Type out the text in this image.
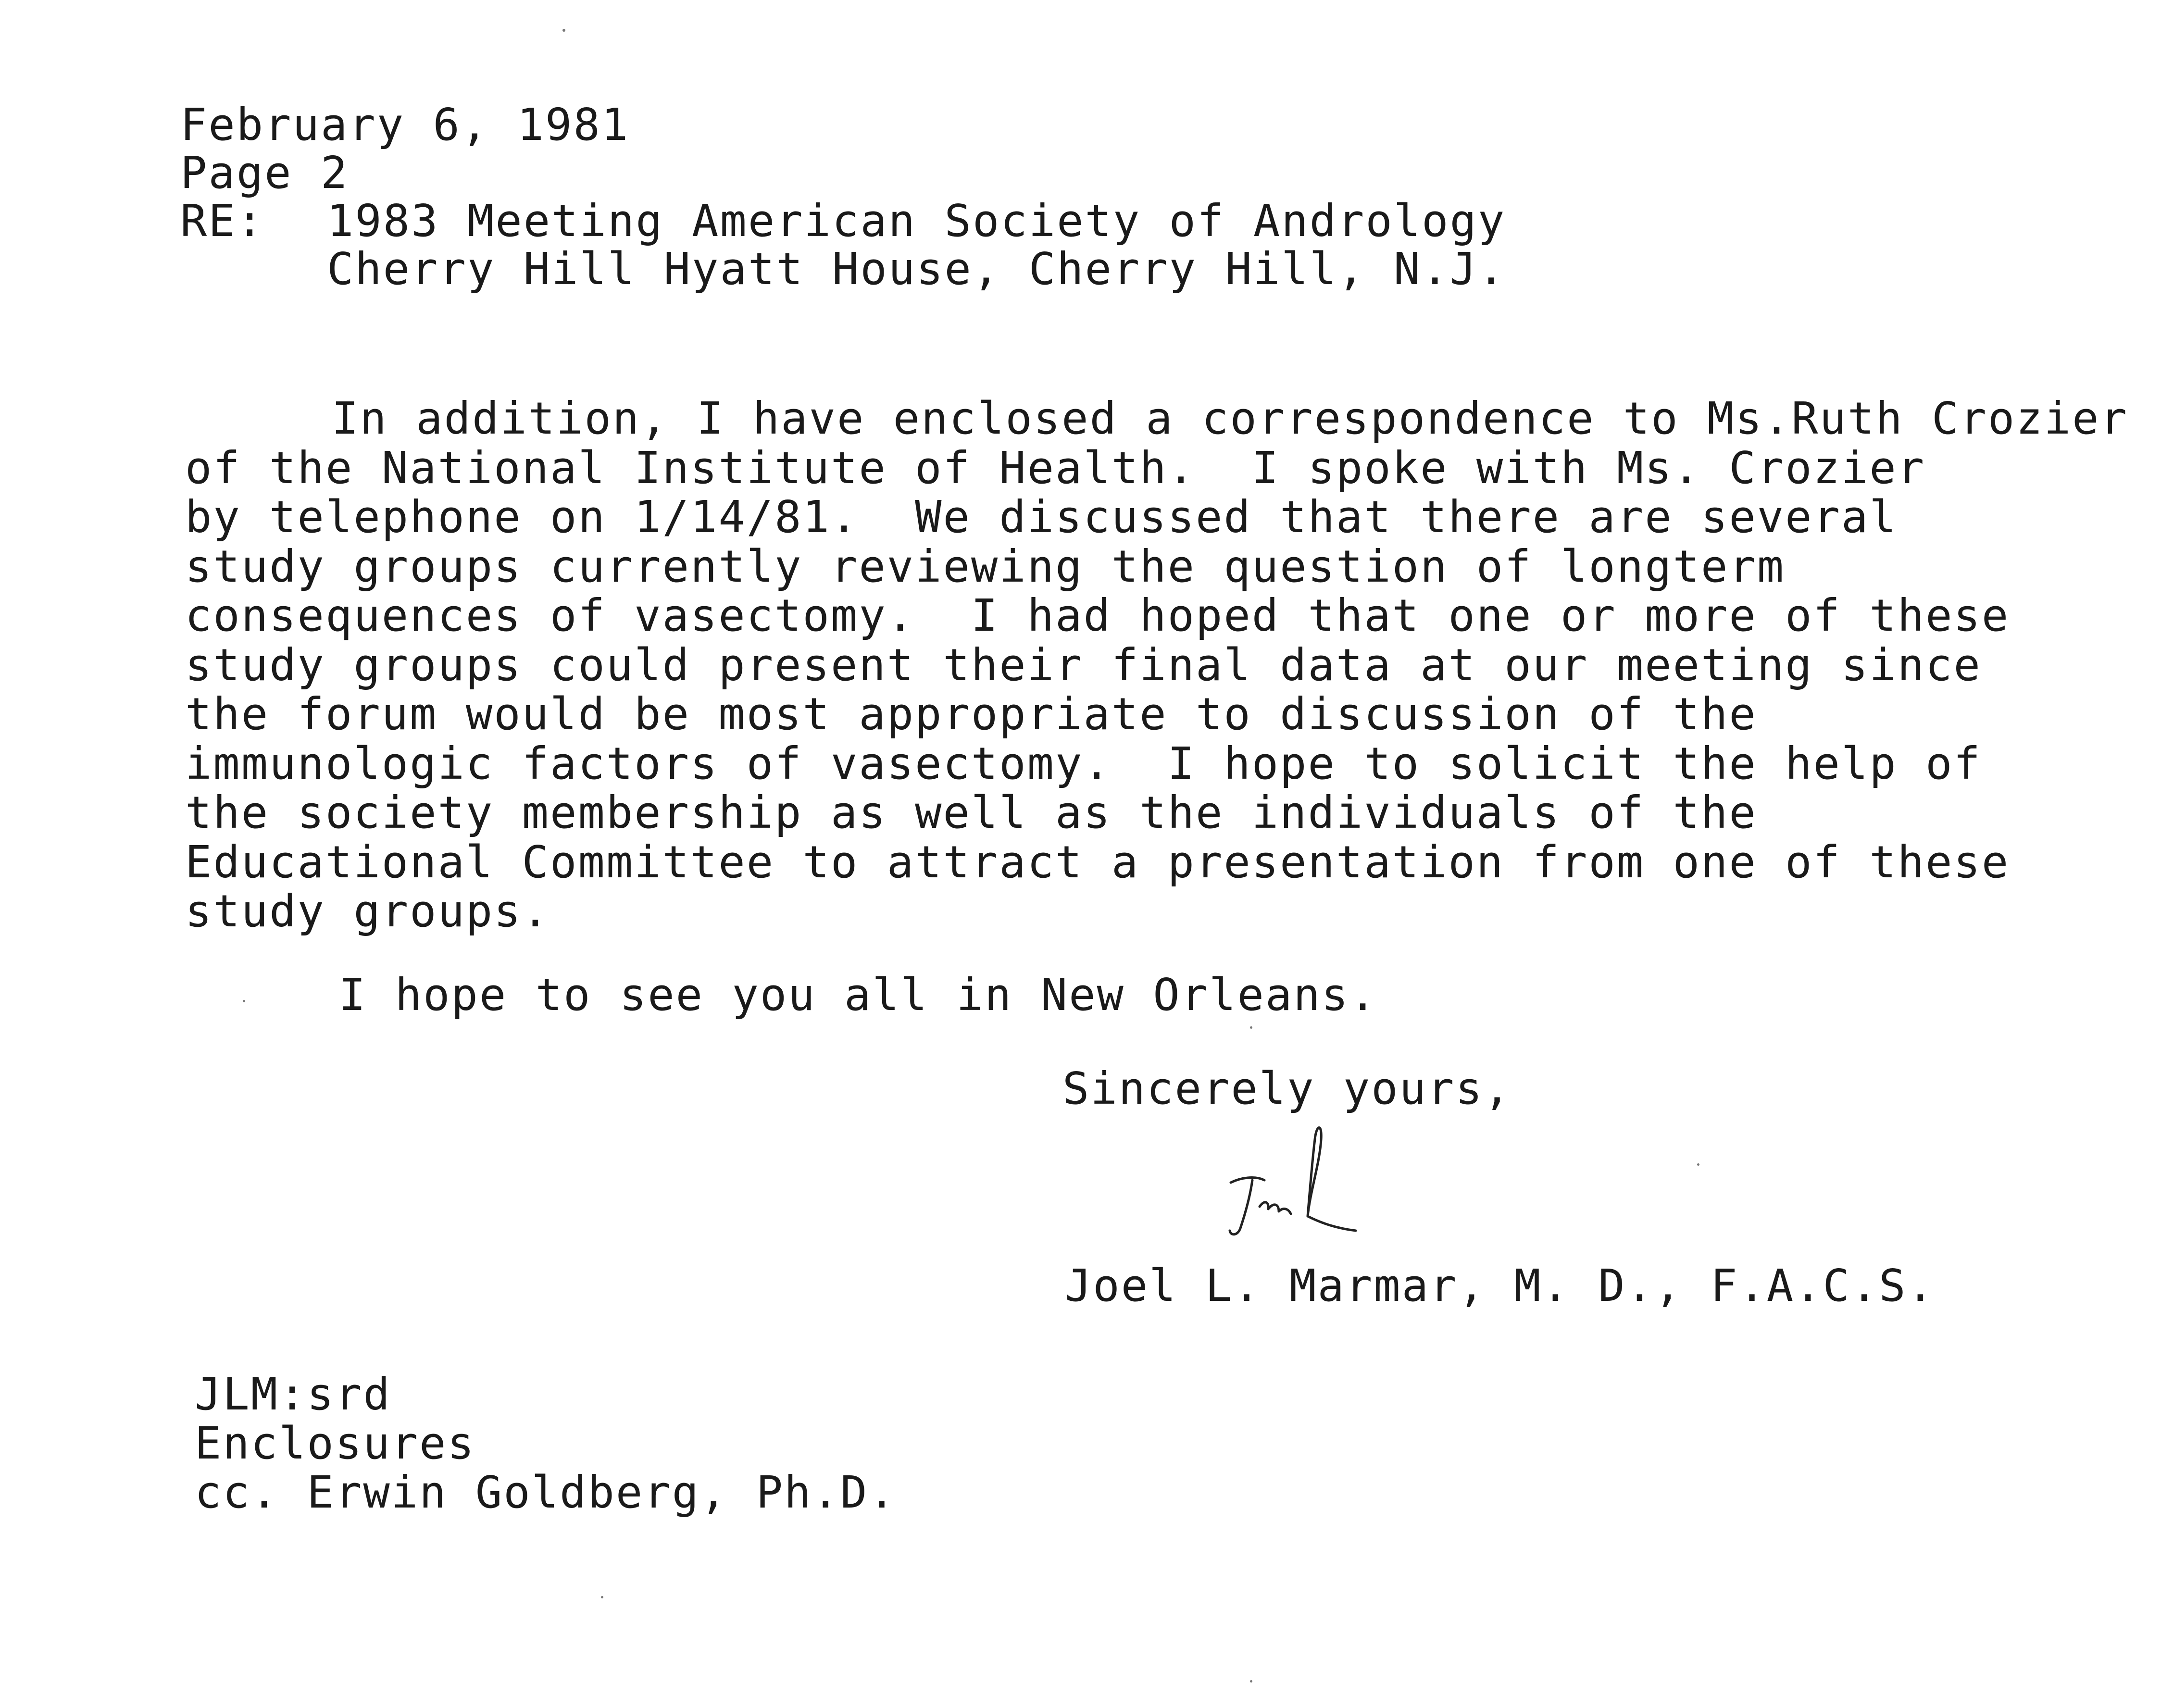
February 6, 1981

Page 2

RE:	1983 Meeting American Society of Andrology

Cherry Hill Hyatt House, Cherry Hill, N.J.

In addition, I have enclosed a correspondence to Ms.Ruth Crozier

of the National Institute of Health.  I spoke with Ms. Crozier

by telephone on 1/14/81.  We discussed that there are several

study groups currently reviewing the question of longterm

consequences of vasectomy.  I had hoped that one or more of these

study groups could present their final data at our meeting since

the forum would be most appropriate to discussion of the

immunologic factors of vasectomy.  I hope to solicit the help of

the society membership as well as the individuals of the

Educational Committee to attract a presentation from one of these

study groups.

I hope to see you all in New Orleans.

Sincerely yours,

Joel L. Marmar, M. D., F.A.C.S.

JLM:srd

Enclosures

cc. Erwin Goldberg, Ph.D.
